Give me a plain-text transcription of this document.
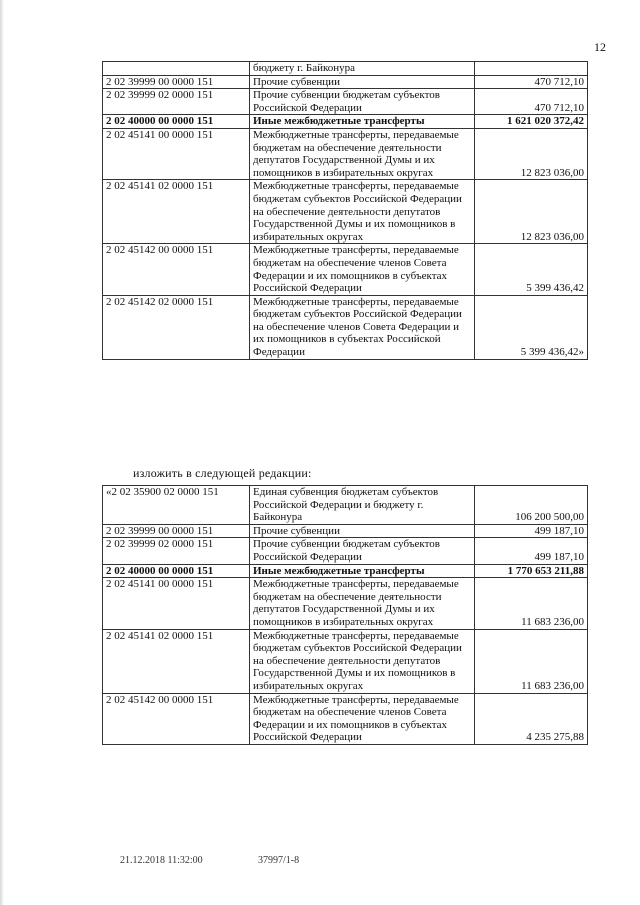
12
	бюджету г. Байконура	
2 02 39999 00 0000 151	Прочие субвенции	470 712,10
2 02 39999 02 0000 151	Прочие субвенции бюджетам субъектов Российской Федерации	470 712,10
2 02 40000 00 0000 151	Иные межбюджетные трансферты	1 621 020 372,42
2 02 45141 00 0000 151	Межбюджетные трансферты, передаваемые бюджетам на обеспечение деятельности депутатов Государственной Думы и их помощников в избирательных округах	12 823 036,00
2 02 45141 02 0000 151	Межбюджетные трансферты, передаваемые бюджетам субъектов Российской Федерации на обеспечение деятельности депутатов Государственной Думы и их помощников в избирательных округах	12 823 036,00
2 02 45142 00 0000 151	Межбюджетные трансферты, передаваемые бюджетам на обеспечение членов Совета Федерации и их помощников в субъектах Российской Федерации	5 399 436,42
2 02 45142 02 0000 151	Межбюджетные трансферты, передаваемые бюджетам субъектов Российской Федерации на обеспечение членов Совета Федерации и их помощников в субъектах Российской Федерации	5 399 436,42»
изложить в следующей редакции:
«2 02 35900 02 0000 151	Единая субвенция бюджетам субъектов Российской Федерации и бюджету г. Байконура	106 200 500,00
2 02 39999 00 0000 151	Прочие субвенции	499 187,10
2 02 39999 02 0000 151	Прочие субвенции бюджетам субъектов Российской Федерации	499 187,10
2 02 40000 00 0000 151	Иные межбюджетные трансферты	1 770 653 211,88
2 02 45141 00 0000 151	Межбюджетные трансферты, передаваемые бюджетам на обеспечение деятельности депутатов Государственной Думы и их помощников в избирательных округах	11 683 236,00
2 02 45141 02 0000 151	Межбюджетные трансферты, передаваемые бюджетам субъектов Российской Федерации на обеспечение деятельности депутатов Государственной Думы и их помощников в избирательных округах	11 683 236,00
2 02 45142 00 0000 151	Межбюджетные трансферты, передаваемые бюджетам на обеспечение членов Совета Федерации и их помощников в субъектах Российской Федерации	4 235 275,88
21.12.2018 11:32:00	37997/1-8
